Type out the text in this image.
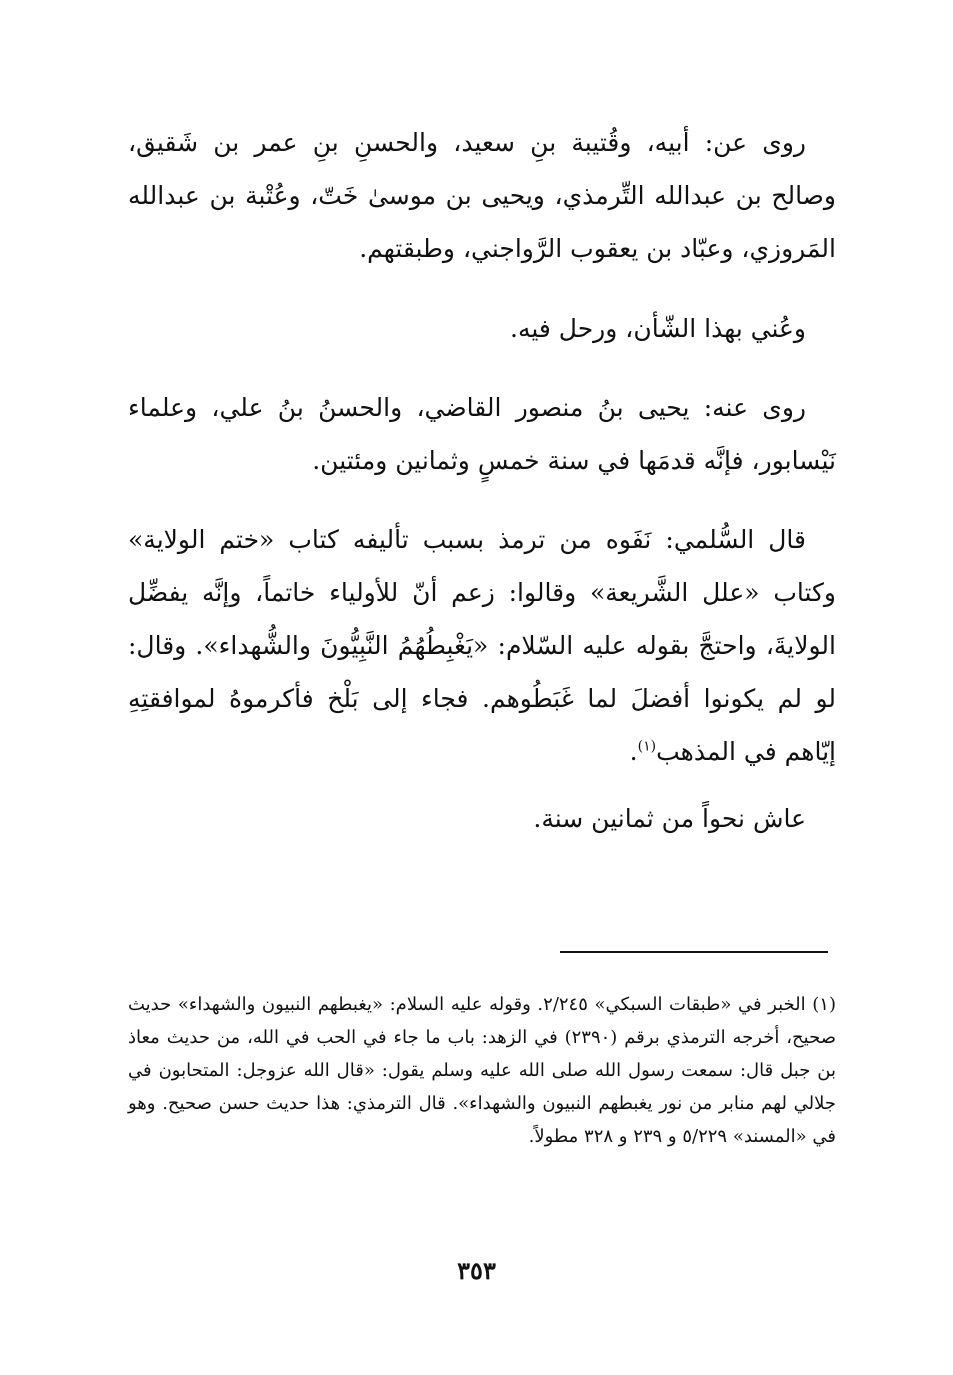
روى عن: أبيه، وقُتيبة بنِ سعيد، والحسنِ بنِ عمر بن شَقيق، وصالح بن عبدالله التِّرمذي، ويحيى بن موسىٰ خَتّ، وعُتْبة بن عبدالله المَروزي، وعبّاد بن يعقوب الرَّواجني، وطبقتهم.

وعُني بهذا الشّأن، ورحل فيه.

روى عنه: يحيى بنُ منصور القاضي، والحسنُ بنُ علي، وعلماء نَيْسابور، فإنَّه قدمَها في سنة خمسٍ وثمانين ومئتين.

قال السُّلمي: نَفَوه من ترمذ بسبب تأليفه كتاب «ختم الولاية» وكتاب «علل الشَّريعة» وقالوا: زعم أنّ للأولياء خاتماً، وإنَّه يفضِّل الولايةَ، واحتجَّ بقوله عليه السّلام: «يَغْبِطُهُمُ النَّبِيُّونَ والشُّهداء». وقال: لو لم يكونوا أفضلَ لما غَبَطُوهم. فجاء إلى بَلْخ فأكرموهُ لموافقتِهِ إيّاهم في المذهب$^{(١)}$.

عاش نحواً من ثمانين سنة.

(١) الخبر في «طبقات السبكي» ٢/٢٤٥. وقوله عليه السلام: «يغبطهم النبيون والشهداء» حديث صحيح، أخرجه الترمذي برقم (٢٣٩٠) في الزهد: باب ما جاء في الحب في الله، من حديث معاذ بن جبل قال: سمعت رسول الله صلى الله عليه وسلم يقول: «قال الله عزوجل: المتحابون في جلالي لهم منابر من نور يغبطهم النبيون والشهداء». قال الترمذي: هذا حديث حسن صحيح. وهو في «المسند» ٥/٢٢٩ و ٢٣٩ و ٣٢٨ مطولاً.

٣٥٣
